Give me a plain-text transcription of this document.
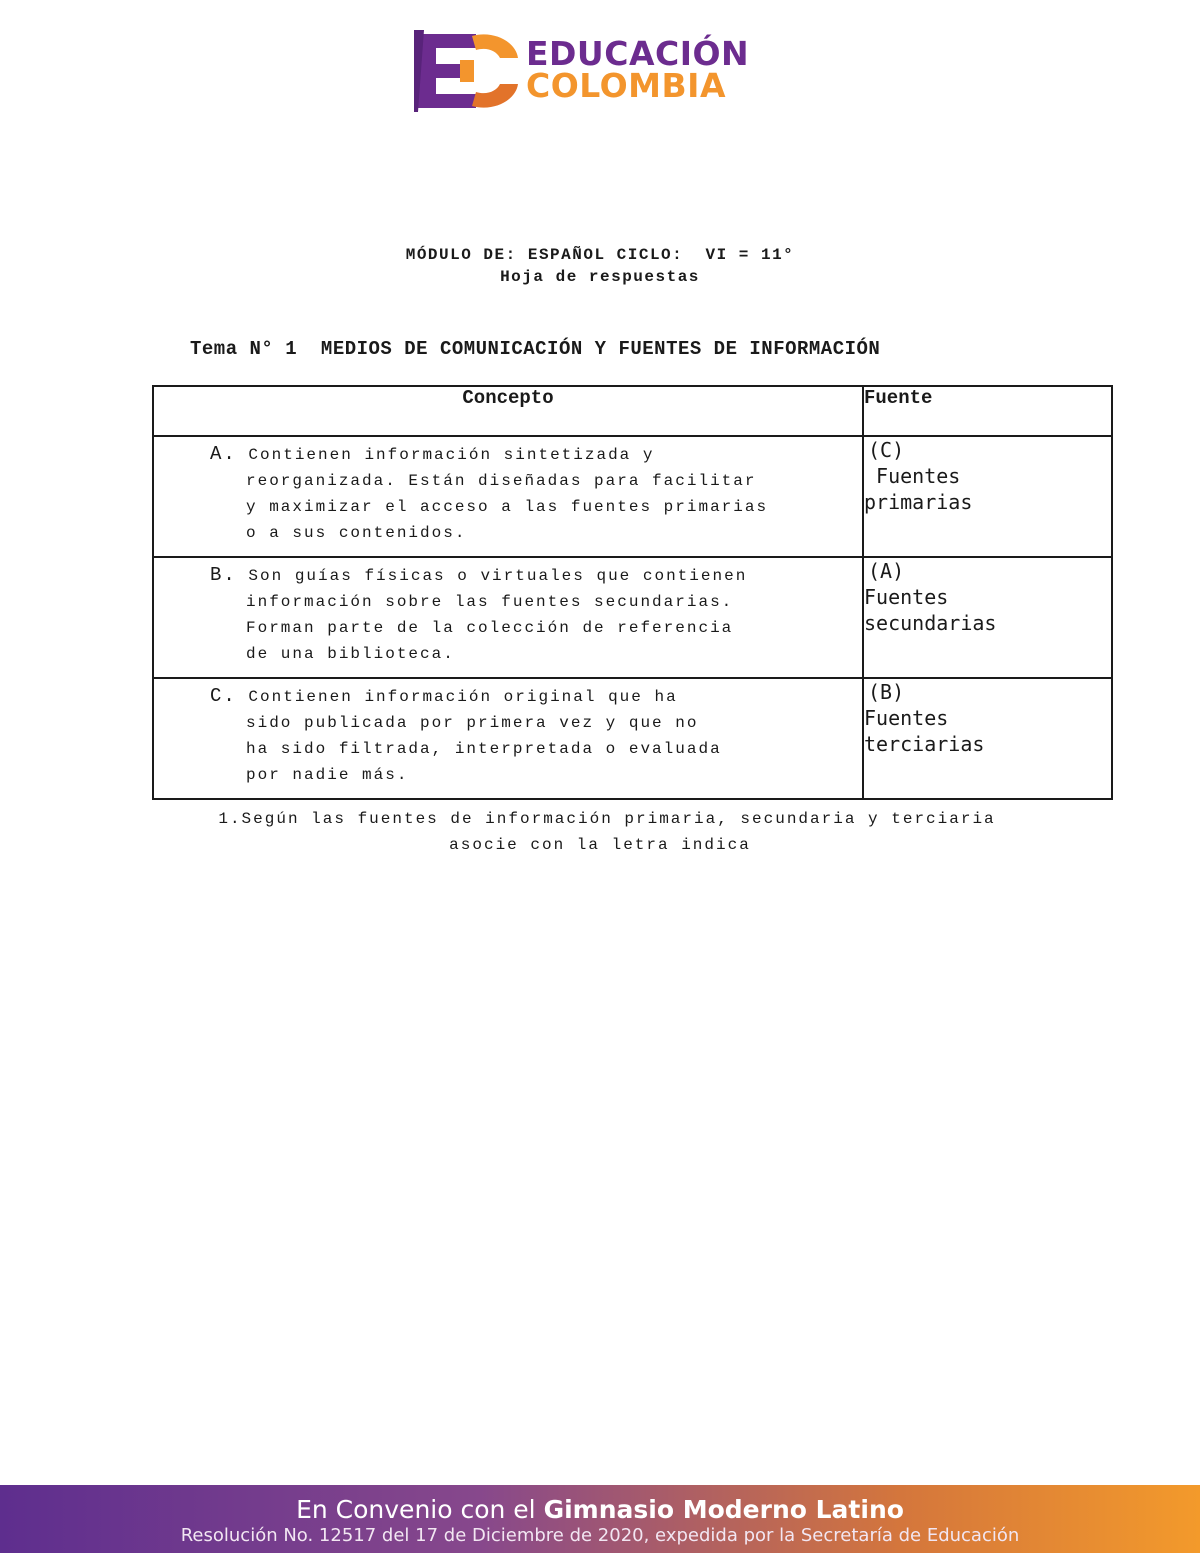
EDUCACIÓN
COLOMBIA
MÓDULO DE: ESPAÑOL CICLO:  VI = 11°
Hoja de respuestas
Tema N° 1  MEDIOS DE COMUNICACIÓN Y FUENTES DE INFORMACIÓN
Concepto	Fuente

A. Contienen información sintetizada y
reorganizada. Están diseñadas para facilitar
y maximizar el acceso a las fuentes primarias
o a sus contenidos.	(C)
Fuentes
primarias

B. Son guías físicas o virtuales que contienen
información sobre las fuentes secundarias.
Forman parte de la colección de referencia
de una biblioteca.	(A)
Fuentes
secundarias

C. Contienen información original que ha
sido publicada por primera vez y que no
ha sido filtrada, interpretada o evaluada
por nadie más.	(B)
Fuentes
terciarias
1.Según las fuentes de información primaria, secundaria y terciaria
asocie con la letra indica
En Convenio con el Gimnasio Moderno Latino
Resolución No. 12517 del 17 de Diciembre de 2020, expedida por la Secretaría de Educación
